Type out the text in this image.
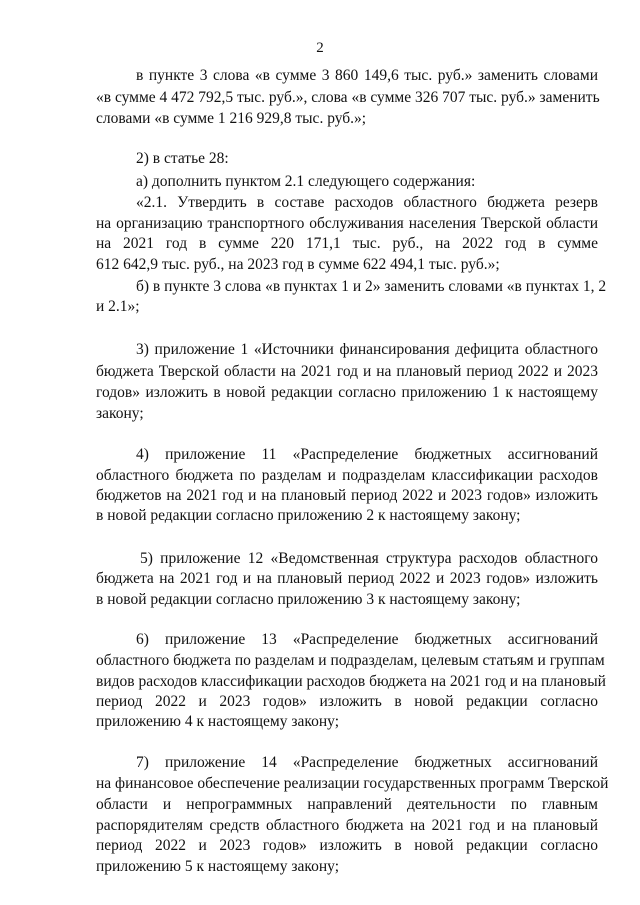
2
в пункте 3 слова «в сумме 3 860 149,6 тыс. руб.» заменить словами
«в сумме 4 472 792,5 тыс. руб.», слова «в сумме 326 707 тыс. руб.» заменить
словами «в сумме 1 216 929,8 тыс. руб.»;
2) в статье 28:
а) дополнить пунктом 2.1 следующего содержания:
«2.1. Утвердить в составе расходов областного бюджета резерв
на организацию транспортного обслуживания населения Тверской области
на 2021 год в сумме 220 171,1 тыс. руб., на 2022 год в сумме
612 642,9 тыс. руб., на 2023 год в сумме 622 494,1 тыс. руб.»;
б) в пункте 3 слова «в пунктах 1 и 2» заменить словами «в пунктах 1, 2
и 2.1»;
3) приложение 1 «Источники финансирования дефицита областного
бюджета Тверской области на 2021 год и на плановый период 2022 и 2023
годов» изложить в новой редакции согласно приложению 1 к настоящему
закону;
4) приложение 11 «Распределение бюджетных ассигнований
областного бюджета по разделам и подразделам классификации расходов
бюджетов на 2021 год и на плановый период 2022 и 2023 годов» изложить
в новой редакции согласно приложению 2 к настоящему закону;
5) приложение 12 «Ведомственная структура расходов областного
бюджета на 2021 год и на плановый период 2022 и 2023 годов» изложить
в новой редакции согласно приложению 3 к настоящему закону;
6) приложение 13 «Распределение бюджетных ассигнований
областного бюджета по разделам и подразделам, целевым статьям и группам
видов расходов классификации расходов бюджета на 2021 год и на плановый
период 2022 и 2023 годов» изложить в новой редакции согласно
приложению 4 к настоящему закону;
7) приложение 14 «Распределение бюджетных ассигнований
на финансовое обеспечение реализации государственных программ Тверской
области и непрограммных направлений деятельности по главным
распорядителям средств областного бюджета на 2021 год и на плановый
период 2022 и 2023 годов» изложить в новой редакции согласно
приложению 5 к настоящему закону;
